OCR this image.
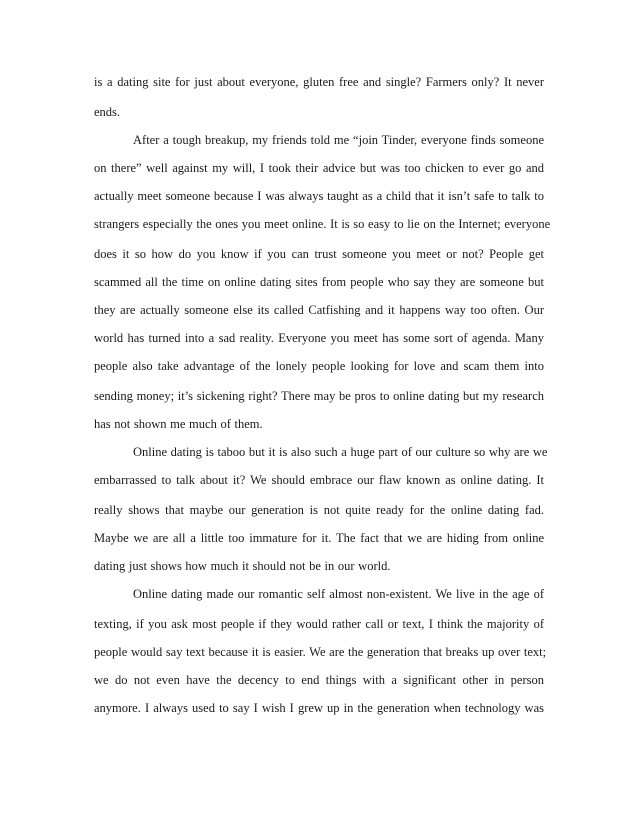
is a dating site for just about everyone, gluten free and single? Farmers only? It never

ends.

After a tough breakup, my friends told me “join Tinder, everyone finds someone

on there” well against my will, I took their advice but was too chicken to ever go and

actually meet someone because I was always taught as a child that it isn’t safe to talk to

strangers especially the ones you meet online. It is so easy to lie on the Internet; everyone

does it so how do you know if you can trust someone you meet or not? People get

scammed all the time on online dating sites from people who say they are someone but

they are actually someone else its called Catfishing and it happens way too often. Our

world has turned into a sad reality. Everyone you meet has some sort of agenda. Many

people also take advantage of the lonely people looking for love and scam them into

sending money; it’s sickening right? There may be pros to online dating but my research

has not shown me much of them.

Online dating is taboo but it is also such a huge part of our culture so why are we

embarrassed to talk about it? We should embrace our flaw known as online dating. It

really shows that maybe our generation is not quite ready for the online dating fad.

Maybe we are all a little too immature for it. The fact that we are hiding from online

dating just shows how much it should not be in our world.

Online dating made our romantic self almost non-existent. We live in the age of

texting, if you ask most people if they would rather call or text, I think the majority of

people would say text because it is easier. We are the generation that breaks up over text;

we do not even have the decency to end things with a significant other in person

anymore. I always used to say I wish I grew up in the generation when technology was
